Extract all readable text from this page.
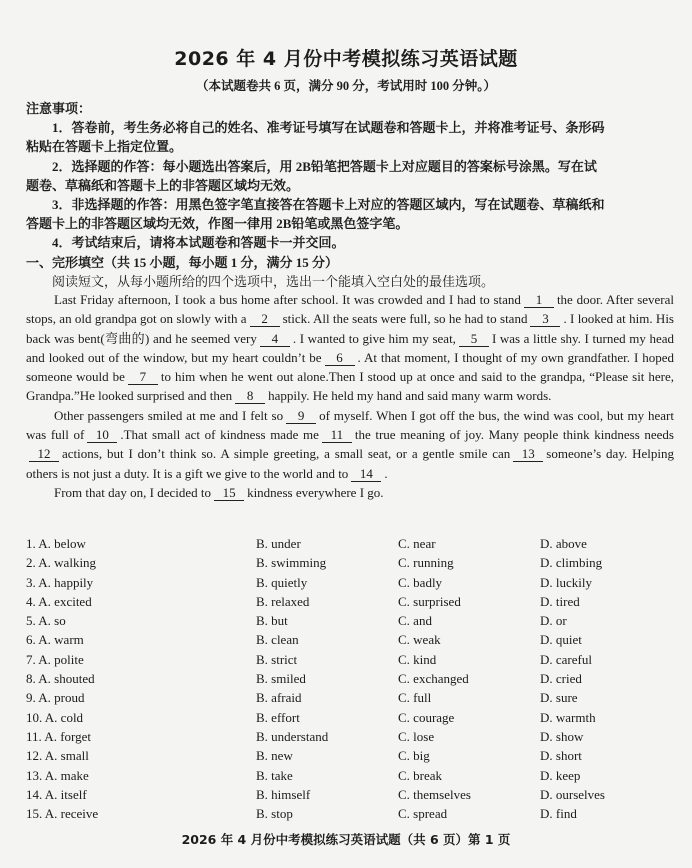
2026 年 4 月份中考模拟练习英语试题
（本试题卷共 6 页，满分 90 分，考试用时 100 分钟。）
注意事项：
1．答卷前，考生务必将自己的姓名、准考证号填写在试题卷和答题卡上，并将准考证号、条形码
粘贴在答题卡上指定位置。
2．选择题的作答：每小题选出答案后，用 2B铅笔把答题卡上对应题目的答案标号涂黑。写在试
题卷、草稿纸和答题卡上的非答题区域均无效。
3．非选择题的作答：用黑色签字笔直接答在答题卡上对应的答题区域内，写在试题卷、草稿纸和
答题卡上的非答题区域均无效，作图一律用 2B铅笔或黑色签字笔。
4．考试结束后，请将本试题卷和答题卡一并交回。
一、完形填空（共 15 小题，每小题 1 分，满分 15 分）
阅读短文，从每小题所给的四个选项中，选出一个能填入空白处的最佳选项。

Last Friday afternoon, I took a bus home after school. It was crowded and I had to stand 1 the door. After several stops, an old grandpa got on slowly with a 2 stick. All the seats were full, so he had to stand 3 . I looked at him. His back was bent(弯曲的) and he seemed very 4 . I wanted to give him my seat, 5 I was a little shy. I turned my head and looked out of the window, but my heart couldn’t be 6 . At that moment, I thought of my own grandfather. I hoped someone would be 7 to him when he went out alone.Then I stood up at once and said to the grandpa, “Please sit here, Grandpa.”He looked surprised and then 8 happily. He held my hand and said many warm words.

Other passengers smiled at me and I felt so 9 of myself. When I got off the bus, the wind was cool, but my heart was full of 10 .That small act of kindness made me 11 the true meaning of joy. Many people think kindness needs12 actions, but I don’t think so. A simple greeting, a small seat, or a gentle smile can 13 someone’s day. Helping others is not just a duty. It is a gift we give to the world and to 14 .

From that day on, I decided to 15 kindness everywhere I go.

1. A. below	B. under	C. near	D. above
2. A. walking	B. swimming	C. running	D. climbing
3. A. happily	B. quietly	C. badly	D. luckily
4. A. excited	B. relaxed	C. surprised	D. tired
5. A. so	B. but	C. and	D. or
6. A. warm	B. clean	C. weak	D. quiet
7. A. polite	B. strict	C. kind	D. careful
8. A. shouted	B. smiled	C. exchanged	D. cried
9. A. proud	B. afraid	C. full	D. sure
10. A. cold	B. effort	C. courage	D. warmth
11. A. forget	B. understand	C. lose	D. show
12. A. small	B. new	C. big	D. short
13. A. make	B. take	C. break	D. keep
14. A. itself	B. himself	C. themselves	D. ourselves
15. A. receive	B. stop	C. spread	D. find
2026 年 4 月份中考模拟练习英语试题（共 6 页）第 1 页
